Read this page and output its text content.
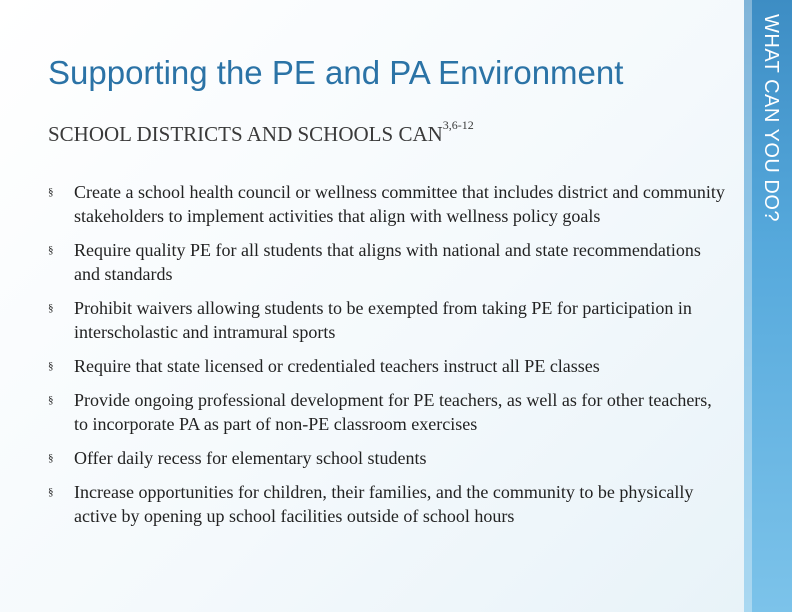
Supporting the PE and PA Environment
SCHOOL DISTRICTS AND SCHOOLS CAN$^{3,6-12}$
§	Create a school health council or wellness committee that includes district and community stakeholders to implement activities that align with wellness policy goals
§	Require quality PE for all students that aligns with national and state recommendations and standards
§	Prohibit waivers allowing students to be exempted from taking PE for participation in interscholastic and intramural sports
§	Require that state licensed or credentialed teachers instruct all PE classes
§	Provide ongoing professional development for PE teachers, as well as for other teachers, to incorporate PA as part of non-PE classroom exercises
§	Offer daily recess for elementary school students
§	Increase opportunities for children, their families, and the community to be physically active by opening up school facilities outside of school hours
WHAT CAN YOU DO?
